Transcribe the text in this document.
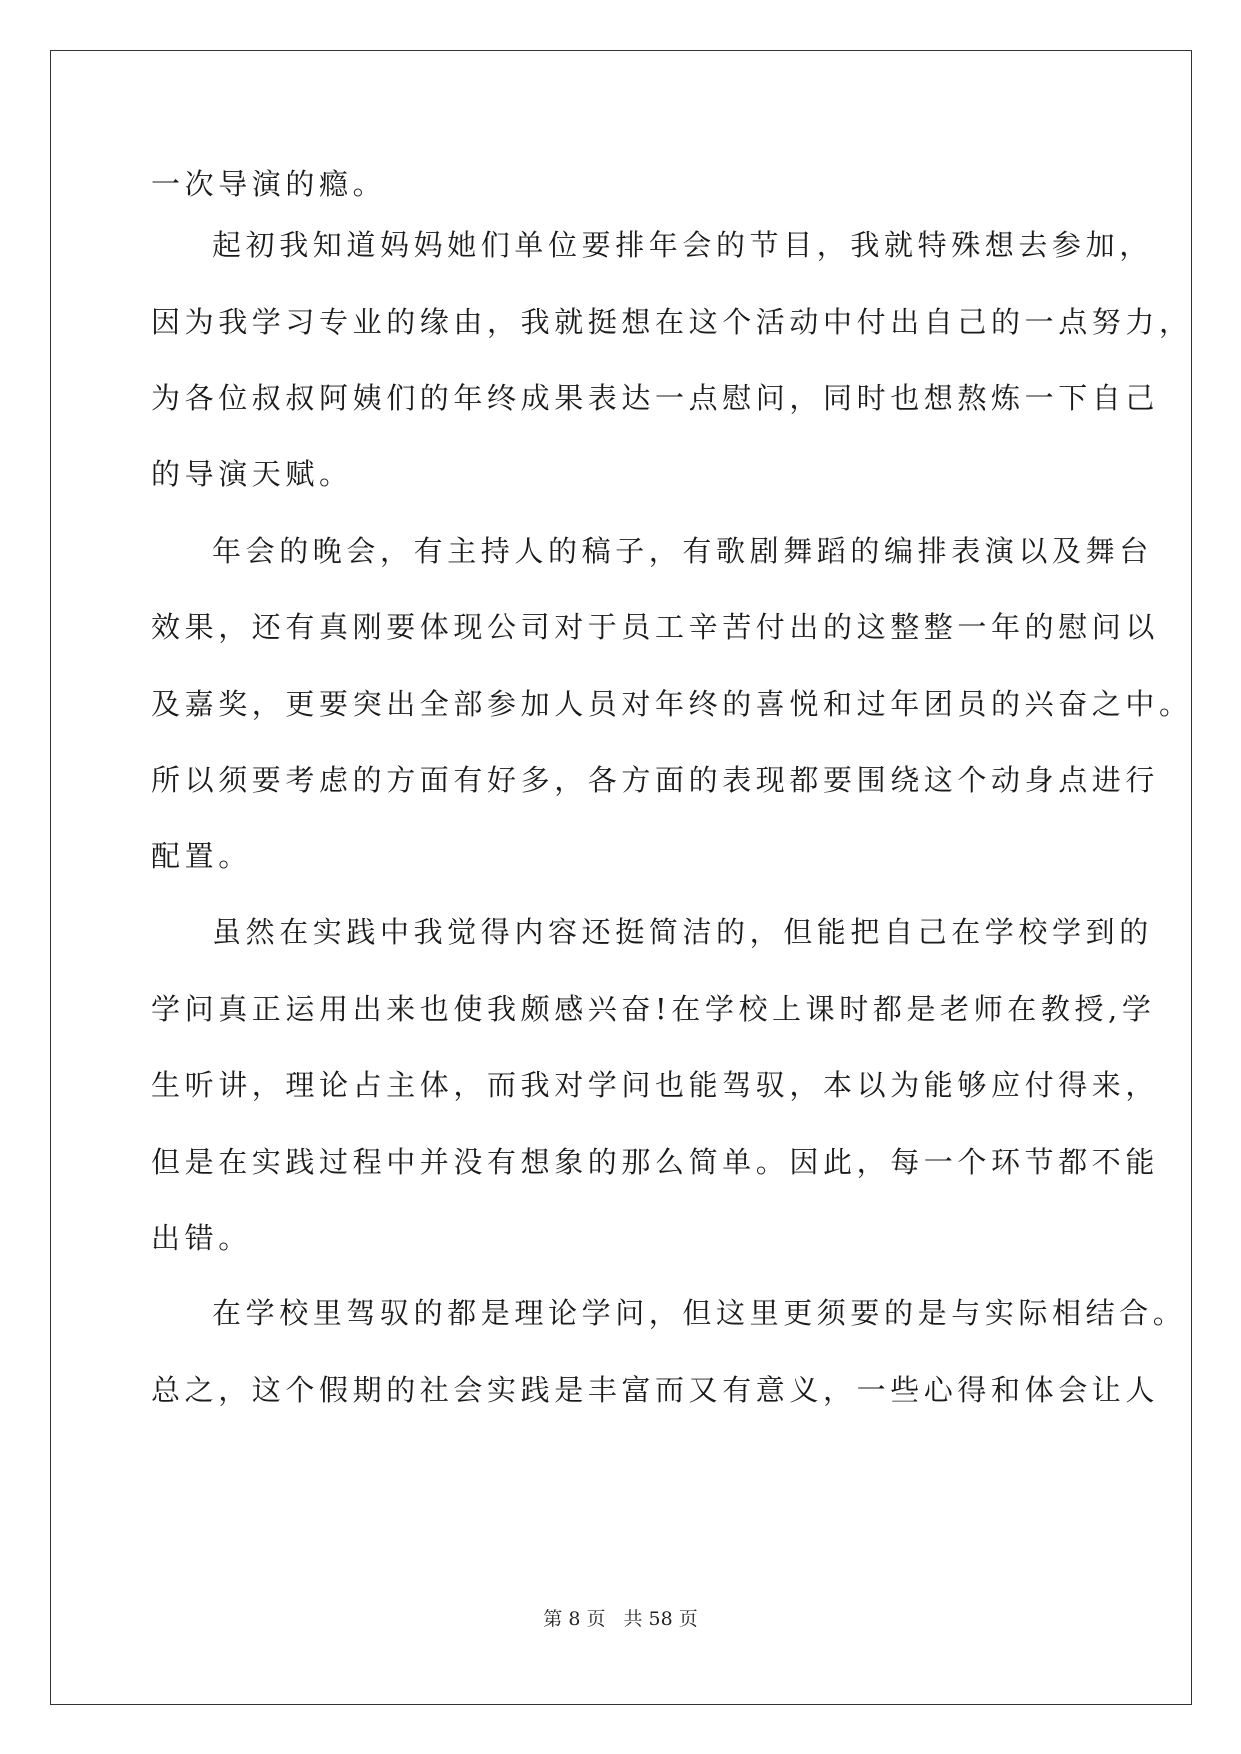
一次导演的瘾。
起初我知道妈妈她们单位要排年会的节目，我就特殊想去参加，
因为我学习专业的缘由，我就挺想在这个活动中付出自己的一点努力，
为各位叔叔阿姨们的年终成果表达一点慰问，同时也想熬炼一下自己
的导演天赋。
年会的晚会，有主持人的稿子，有歌剧舞蹈的编排表演以及舞台
效果，还有真刚要体现公司对于员工辛苦付出的这整整一年的慰问以
及嘉奖，更要突出全部参加人员对年终的喜悦和过年团员的兴奋之中。
所以须要考虑的方面有好多，各方面的表现都要围绕这个动身点进行
配置。
虽然在实践中我觉得内容还挺简洁的，但能把自己在学校学到的
学问真正运用出来也使我颇感兴奋!在学校上课时都是老师在教授,学
生听讲，理论占主体，而我对学问也能驾驭，本以为能够应付得来，
但是在实践过程中并没有想象的那么简单。因此，每一个环节都不能
出错。
在学校里驾驭的都是理论学问，但这里更须要的是与实际相结合。
总之，这个假期的社会实践是丰富而又有意义，一些心得和体会让人
第 8 页 共 58 页
